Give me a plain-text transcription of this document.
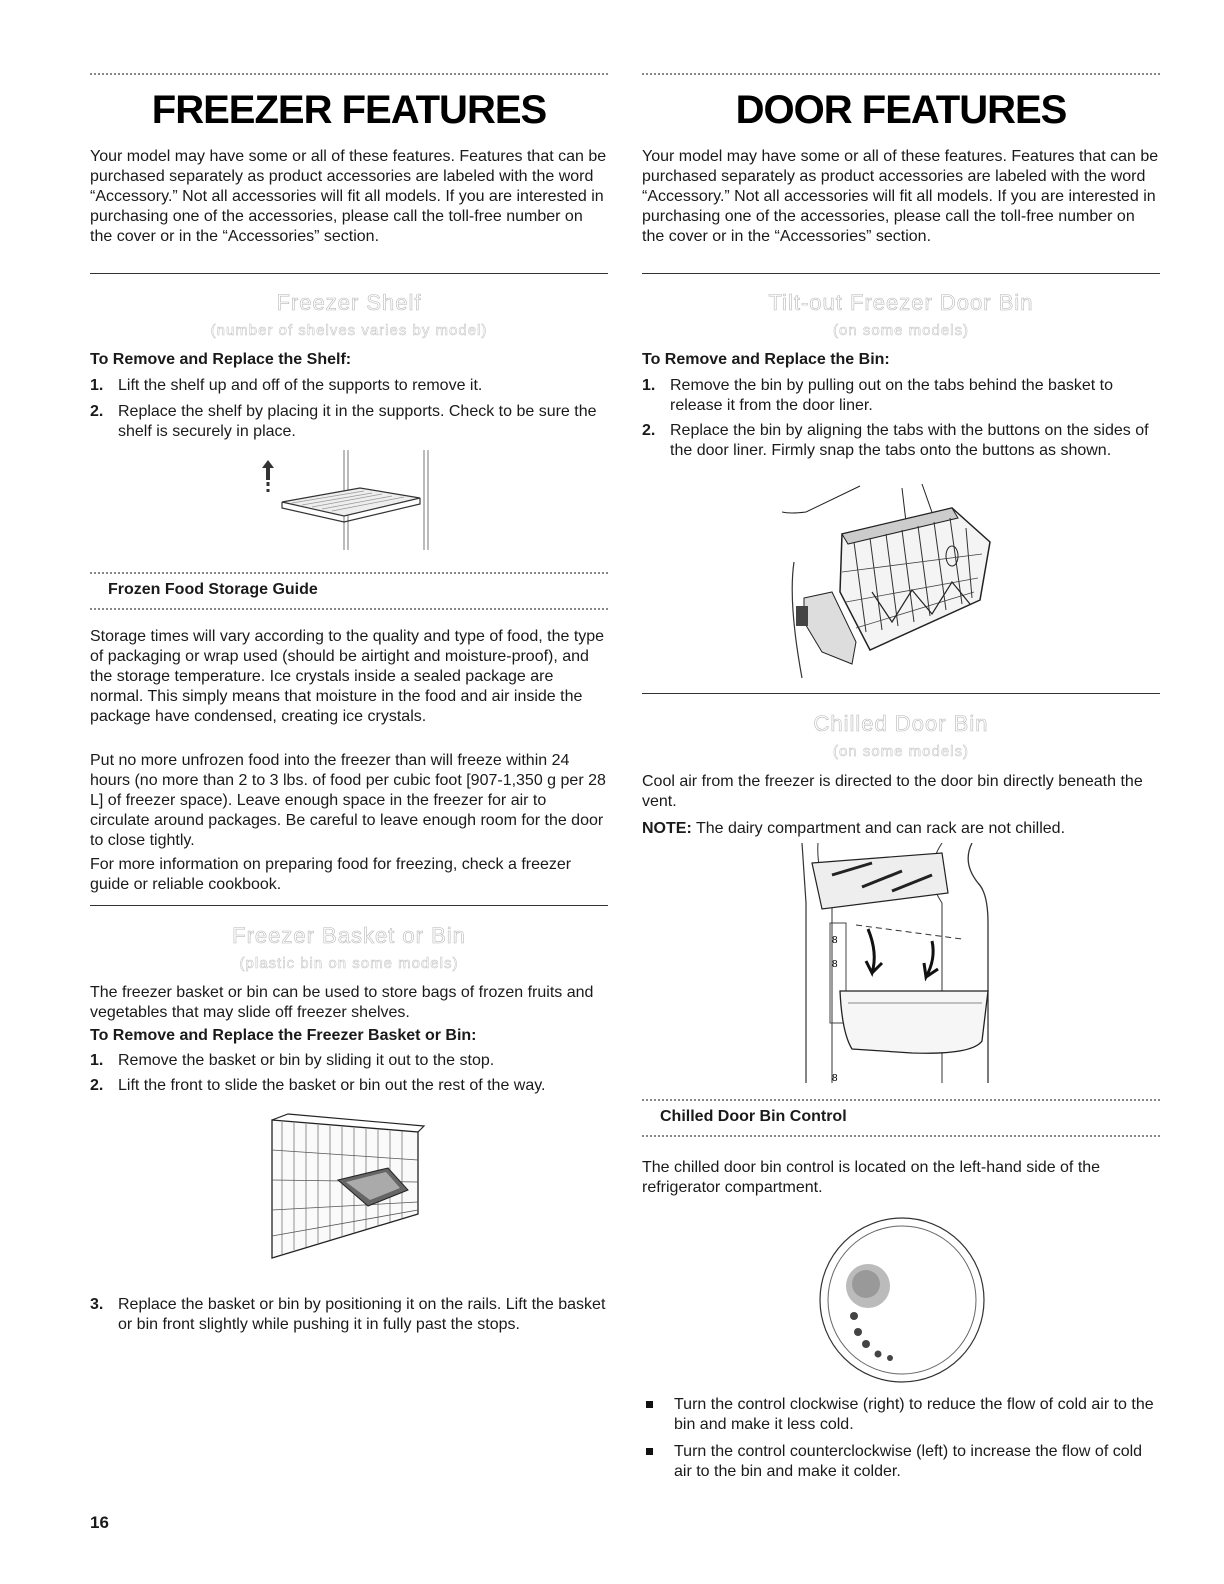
FREEZER FEATURES

Your model may have some or all of these features. Features that can be purchased separately as product accessories are labeled with the word “Accessory.” Not all accessories will fit all models. If you are interested in purchasing one of the accessories, please call the toll-free number on the cover or in the “Accessories” section.

Freezer Shelf
(number of shelves varies by model)
To Remove and Replace the Shelf:
1. Lift the shelf up and off of the supports to remove it.
2. Replace the shelf by placing it in the supports. Check to be sure the shelf is securely in place.
Frozen Food Storage Guide

Storage times will vary according to the quality and type of food, the type of packaging or wrap used (should be airtight and moisture-proof), and the storage temperature. Ice crystals inside a sealed package are normal. This simply means that moisture in the food and air inside the package have condensed, creating ice crystals.

Put no more unfrozen food into the freezer than will freeze within 24 hours (no more than 2 to 3 lbs. of food per cubic foot [907-1,350 g per 28 L] of freezer space). Leave enough space in the freezer for air to circulate around packages. Be careful to leave enough room for the door to close tightly.

For more information on preparing food for freezing, check a freezer guide or reliable cookbook.

Freezer Basket or Bin
(plastic bin on some models)

The freezer basket or bin can be used to store bags of frozen fruits and vegetables that may slide off freezer shelves.

To Remove and Replace the Freezer Basket or Bin:
1. Remove the basket or bin by sliding it out to the stop.
2. Lift the front to slide the basket or bin out the rest of the way.
3. Replace the basket or bin by positioning it on the rails. Lift the basket or bin front slightly while pushing it in fully past the stops.
DOOR FEATURES

Your model may have some or all of these features. Features that can be purchased separately as product accessories are labeled with the word “Accessory.” Not all accessories will fit all models. If you are interested in purchasing one of the accessories, please call the toll-free number on the cover or in the “Accessories” section.

Tilt-out Freezer Door Bin
(on some models)
To Remove and Replace the Bin:
1. Remove the bin by pulling out on the tabs behind the basket to release it from the door liner.
2. Replace the bin by aligning the tabs with the buttons on the sides of the door liner. Firmly snap the tabs onto the buttons as shown.
Chilled Door Bin
(on some models)

Cool air from the freezer is directed to the door bin directly beneath the vent.

NOTE: The dairy compartment and can rack are not chilled.

8
8
8
Chilled Door Bin Control

The chilled door bin control is located on the left-hand side of the refrigerator compartment.

Turn the control clockwise (right) to reduce the flow of cold air to the bin and make it less cold.
Turn the control counterclockwise (left) to increase the flow of cold air to the bin and make it colder.
16
